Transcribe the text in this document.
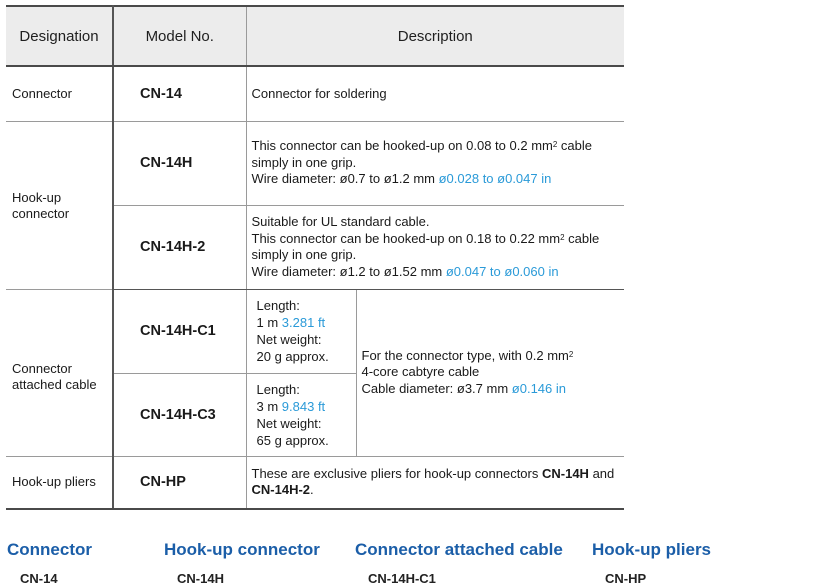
Designation	Model No.	Description	
Connector	CN-14	Connector for soldering	

Hook-up
connector	CN-14H	This connector can be hooked-up on 0.08 to 0.2 $mm^2$ cable
simply in one grip.
Wire diameter: ø0.7 to ø1.2 mm ø0.028 to ø0.047 in	
	CN-14H-2	Suitable for UL standard cable.
This connector can be hooked-up on 0.18 to 0.22 $mm^2$ cable
simply in one grip.
Wire diameter: ø1.2 to ø1.52 mm ø0.047 to ø0.060 in	

Connector
attached cable	CN-14H-C1	Length:
1 m 3.281 ft
Net weight:
20 g approx.	For the connector type, with 0.2 $mm^2$
4-core cabtyre cable
Cable diameter: ø3.7 mm ø0.146 in
	CN-14H-C3	Length:
3 m 9.843 ft
Net weight:
65 g approx.	
Hook-up pliers	CN-HP	These are exclusive pliers for hook-up connectors CN-14H and
CN-14H-2.	
Connector
CN-14
Hook-up connector
CN-14H
Connector attached cable
CN-14H-C1
Hook-up pliers
CN-HP
